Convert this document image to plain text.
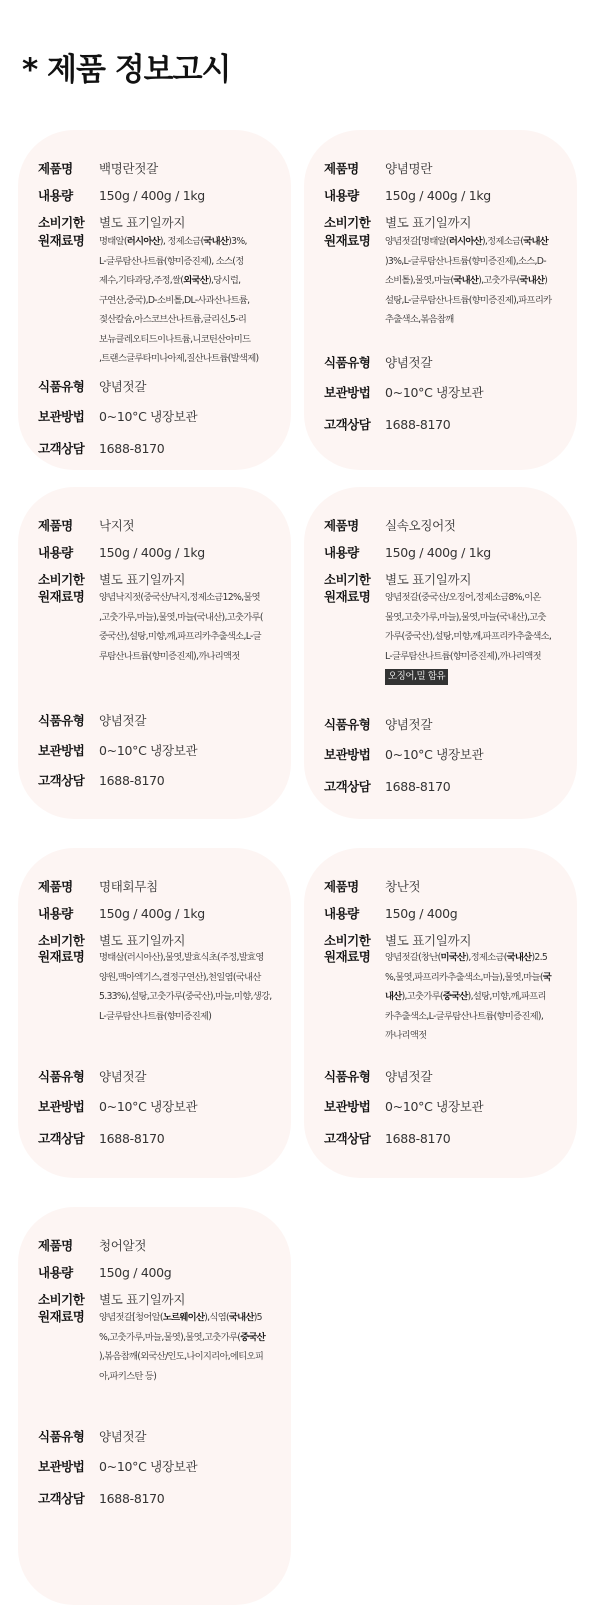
* 제품 정보고시
제품명	백명란젓갈
내용량	150g / 400g / 1kg
소비기한	별도 표기일까지
원재료명	명태알(러시아산), 정제소금(국내산)3%,
L-글루탐산나트륨(향미증진제), 소스(정
제수,기타과당,주정,쌀(외국산),당시럽,
구연산,중국),D-소비톨,DL-사과산나트륨,
젖산칼슘,아스코브산나트륨,글리신,5-리
보뉴클레오티드이나트륨,니코틴산아미드
,트랜스글루타미나아제,질산나트륨(발색제)
식품유형	양념젓갈
보관방법	0~10°C 냉장보관
고객상담	1688-8170
제품명	양념명란
내용량	150g / 400g / 1kg
소비기한	별도 표기일까지
원재료명	양념젓갈[명태알(러시아산),정제소금(국내산
)3%,L-글루탐산나트륨(향미증진제),소스,D-
소비톨),물엿,마늘(국내산),고춧가루(국내산)
설탕,L-글루탐산나트륨(향미증진제),파프리카
추출색소,볶음참깨
식품유형	양념젓갈
보관방법	0~10°C 냉장보관
고객상담	1688-8170
제품명	낙지젓
내용량	150g / 400g / 1kg
소비기한	별도 표기일까지
원재료명	양념낙지젓(중국산/낙지,정제소금12%,물엿
,고춧가루,마늘),물엿,마늘(국내산),고춧가루(
중국산),설탕,미향,깨,파프리카추출색소,L-글
루탐산나트륨(향미증진제),까나리액젓
식품유형	양념젓갈
보관방법	0~10°C 냉장보관
고객상담	1688-8170
제품명	실속오징어젓
내용량	150g / 400g / 1kg
소비기한	별도 표기일까지
원재료명	양념젓갈(중국산/오징어,정제소금8%,이온
물엿,고춧가루,마늘),물엿,마늘(국내산),고춧
가루(중국산),설탕,미향,깨,파프리카추출색소,
L-글루탐산나트륨(향미증진제),까나리액젓
오징어,밀 함유
식품유형	양념젓갈
보관방법	0~10°C 냉장보관
고객상담	1688-8170
제품명	명태회무침
내용량	150g / 400g / 1kg
소비기한	별도 표기일까지
원재료명	명태살(러시아산),물엿,발효식초(주정,발효영
양원,맥아엑기스,결정구연산),천일염(국내산
5.33%),설탕,고춧가루(중국산),마늘,미향,생강,
L-글루탐산나트륨(향미증진제)
식품유형	양념젓갈
보관방법	0~10°C 냉장보관
고객상담	1688-8170
제품명	창난젓
내용량	150g / 400g
소비기한	별도 표기일까지
원재료명	양념젓갈(창난(미국산),정제소금(국내산)2.5
%,물엿,파프리카추출색소,마늘),물엿,마늘(국
내산),고춧가루(중국산),설탕,미향,깨,파프리
카추출색소,L-글루탐산나트륨(향미증진제),
까나리액젓
식품유형	양념젓갈
보관방법	0~10°C 냉장보관
고객상담	1688-8170
제품명	청어알젓
내용량	150g / 400g
소비기한	별도 표기일까지
원재료명	양념젓갈[청어알(노르웨이산),식염(국내산)5
%,고춧가루,마늘,물엿),물엿,고춧가루(중국산
),볶음참깨(외국산/인도,나이지리아,에티오피
아,파키스탄 등)
식품유형	양념젓갈
보관방법	0~10°C 냉장보관
고객상담	1688-8170
